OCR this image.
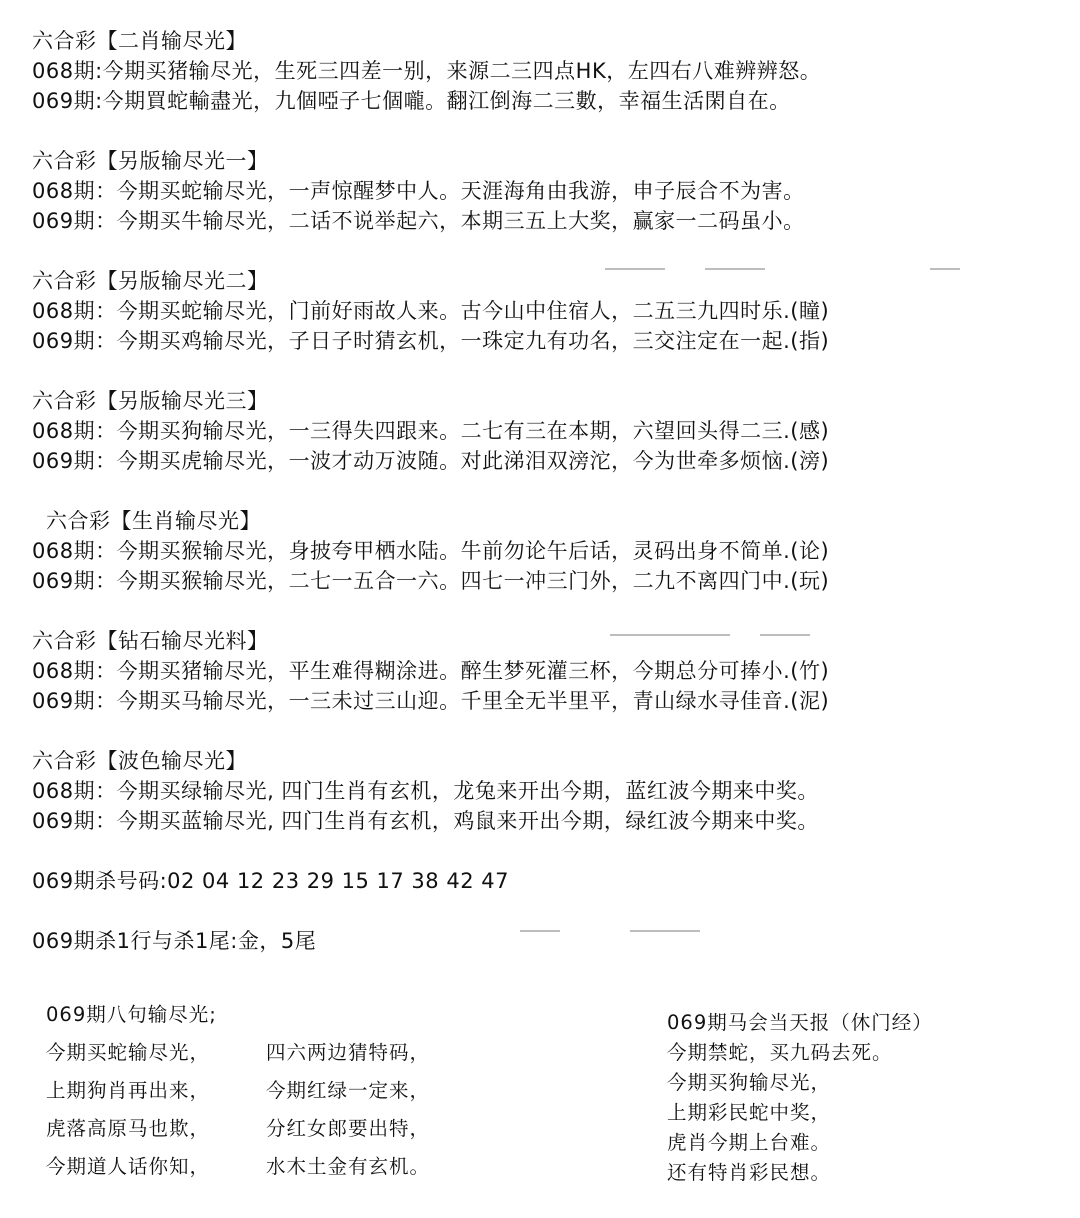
六合彩【二肖输尽光】
068期:今期买猪输尽光，生死三四差一别，来源二三四点HK，左四右八难辨辨怒。
069期:今期買蛇輸盡光，九個啞子七個嚨。翻江倒海二三數，幸福生活閑自在。
六合彩【另版输尽光一】
068期：今期买蛇输尽光，一声惊醒梦中人。天涯海角由我游，申子辰合不为害。
069期：今期买牛输尽光，二话不说举起六，本期三五上大奖，赢家一二码虽小。
六合彩【另版输尽光二】
068期：今期买蛇输尽光，门前好雨故人来。古今山中住宿人，二五三九四时乐.(瞳)
069期：今期买鸡输尽光，子日子时猜玄机，一珠定九有功名，三交注定在一起.(指)
六合彩【另版输尽光三】
068期：今期买狗输尽光，一三得失四跟来。二七有三在本期，六望回头得二三.(感)
069期：今期买虎输尽光，一波才动万波随。对此涕泪双滂沱，今为世牵多烦恼.(滂)
六合彩【生肖输尽光】
068期：今期买猴输尽光，身披夸甲栖水陆。牛前勿论午后话，灵码出身不简单.(论)
069期：今期买猴输尽光，二七一五合一六。四七一冲三门外，二九不离四门中.(玩)
六合彩【钻石输尽光料】
068期：今期买猪输尽光，平生难得糊涂进。醉生梦死灌三杯，今期总分可捧小.(竹)
069期：今期买马输尽光，一三未过三山迎。千里全无半里平，青山绿水寻佳音.(泥)
六合彩【波色输尽光】
068期：今期买绿输尽光, 四门生肖有玄机，龙兔来开出今期，蓝红波今期来中奖。
069期：今期买蓝输尽光, 四门生肖有玄机，鸡鼠来开出今期，绿红波今期来中奖。
069期杀号码:02 04 12 23 29 15 17 38 42 47
069期杀1行与杀1尾:金，5尾
069期八句输尽光;
今期买蛇输尽光，	四六两边猜特码，
上期狗肖再出来，	今期红绿一定来，
虎落高原马也欺，	分红女郎要出特，
今期道人话你知，	水木土金有玄机。
069期马会当天报（休门经）
今期禁蛇，买九码去死。
今期买狗输尽光，
上期彩民蛇中奖，
虎肖今期上台难。
还有特肖彩民想。
